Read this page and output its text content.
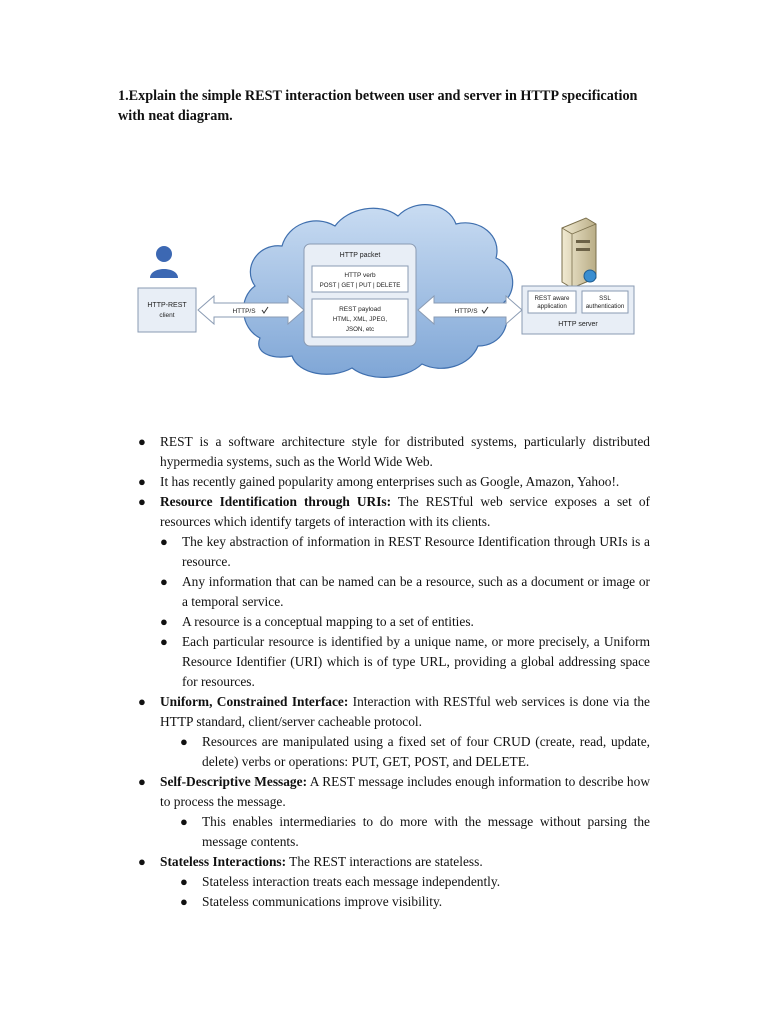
1.Explain the simple REST interaction between user and server in HTTP specification with neat diagram.

HTTP packet
HTTP verb
POST | GET | PUT | DELETE
REST payload
HTML, XML, JPEG,
JSON, etc
HTTP-REST
client
HTTP/S	HTTP/S
REST aware
application
SSL
authentication
HTTP server
● REST is a software architecture style for distributed systems, particularly distributed hypermedia systems, such as the World Wide Web.
● It has recently gained popularity among enterprises such as Google, Amazon, Yahoo!.
● Resource Identification through URIs: The RESTful web service exposes a set of resources which identify targets of interaction with its clients.
● The key abstraction of information in REST Resource Identification through URIs is a resource.
● Any information that can be named can be a resource, such as a document or image or a temporal service.
● A resource is a conceptual mapping to a set of entities.
● Each particular resource is identified by a unique name, or more precisely, a Uniform Resource Identifier (URI) which is of type URL, providing a global addressing space for resources.
● Uniform, Constrained Interface: Interaction with RESTful web services is done via the HTTP standard, client/server cacheable protocol.
● Resources are manipulated using a fixed set of four CRUD (create, read, update, delete) verbs or operations: PUT, GET, POST, and DELETE.
● Self-Descriptive Message: A REST message includes enough information to describe how to process the message.
● This enables intermediaries to do more with the message without parsing the message contents.
● Stateless Interactions: The REST interactions are stateless.
● Stateless interaction treats each message independently.
● Stateless communications improve visibility.
